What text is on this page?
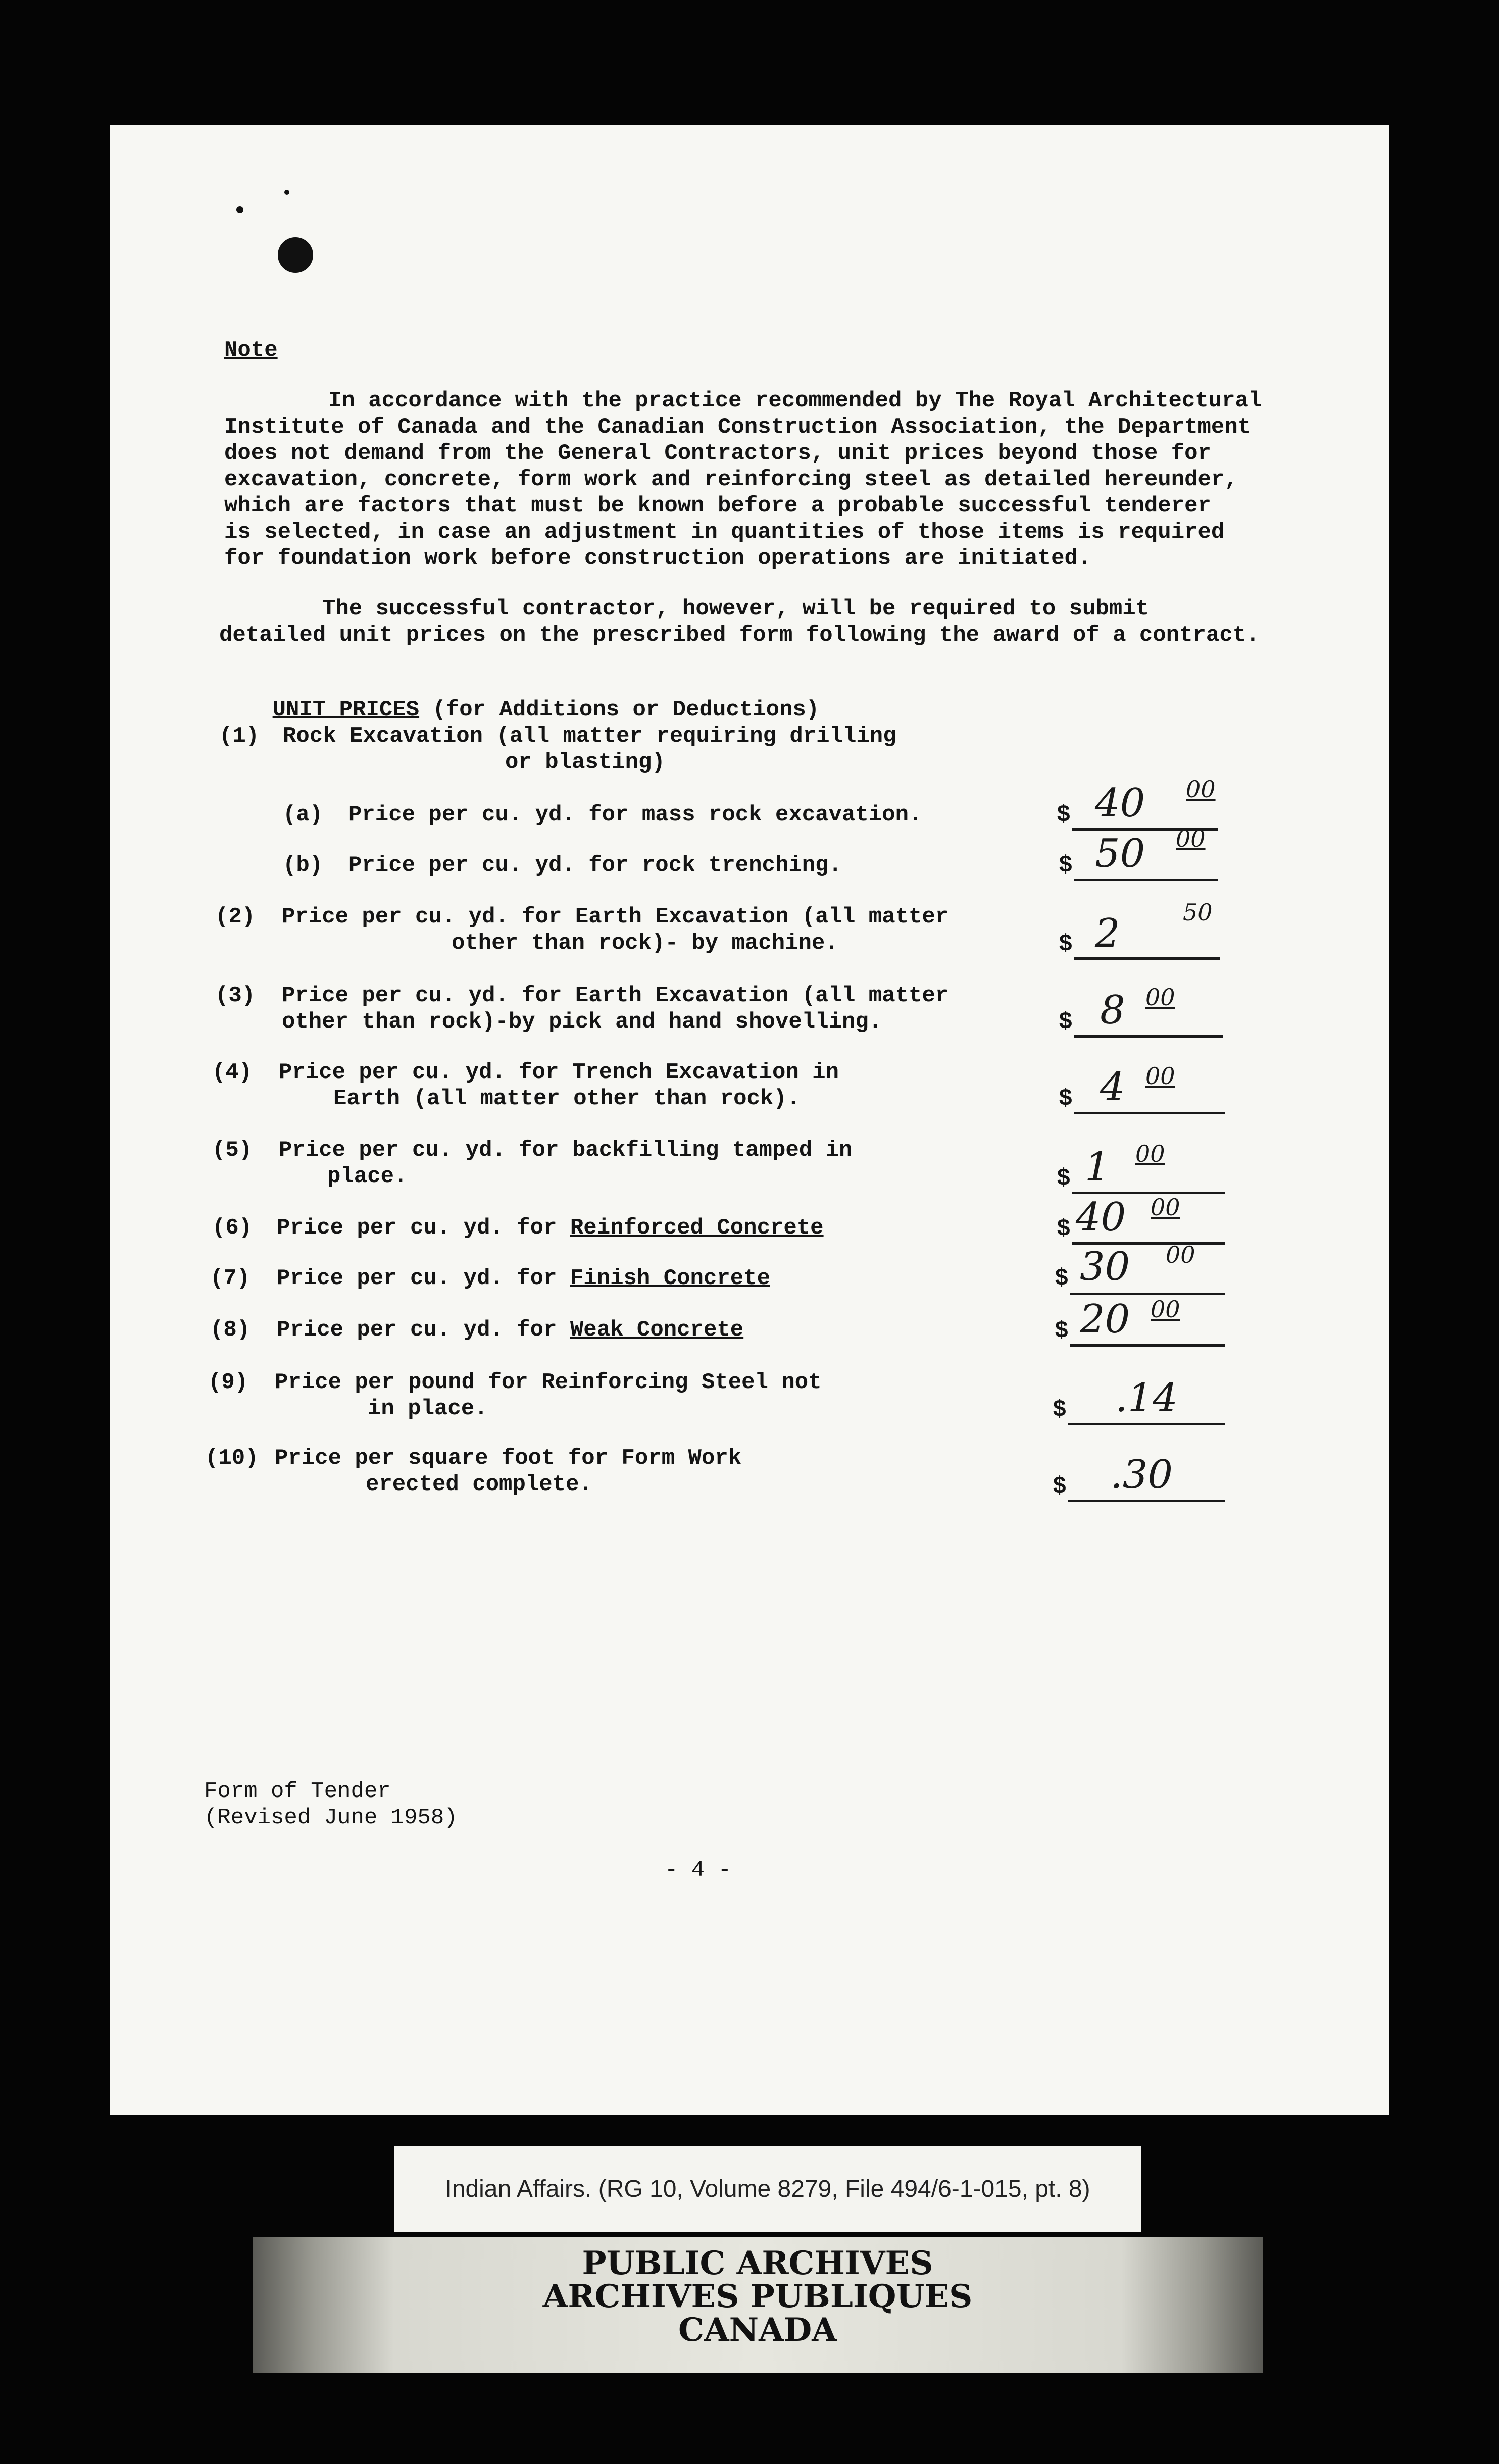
Note
In accordance with the practice recommended by The Royal Architectural
Institute of Canada and the Canadian Construction Association, the Department
does not demand from the General Contractors, unit prices beyond those for
excavation, concrete, form work and reinforcing steel as detailed hereunder,
which are factors that must be known before a probable successful tenderer
is selected, in case an adjustment in quantities of those items is required
for foundation work before construction operations are initiated.
The successful contractor, however, will be required to submit
detailed unit prices on the prescribed form following the award of a contract.

UNIT PRICES (for Additions or Deductions)

(1) Rock Excavation (all matter requiring drilling
or blasting)
(a) Price per cu. yd. for mass rock excavation.	$ 40 00
(b) Price per cu. yd. for rock trenching.	$ 50 00
(2) Price per cu. yd. for Earth Excavation (all matter
other than rock)- by machine.	$ 2	50
(3) Price per cu. yd. for Earth Excavation (all matter
other than rock)-by pick and hand shovelling.	$ 8 00
(4) Price per cu. yd. for Trench Excavation in
Earth (all matter other than rock).	$ 4 00
(5) Price per cu. yd. for backfilling tamped in
place.	$ 1 00
(6) Price per cu. yd. for Reinforced Concrete	$ 40 00
(7) Price per cu. yd. for Finish Concrete	$ 30 00
(8) Price per cu. yd. for Weak Concrete	$ 20 00
(9) Price per pound for Reinforcing Steel not
in place.	$ .14
(10) Price per square foot for Form Work
erected complete.	$ .30
Form of Tender
(Revised June 1958)
- 4 -
Indian Affairs. (RG 10, Volume 8279, File 494/6-1-015, pt. 8)
PUBLIC ARCHIVES
ARCHIVES PUBLIQUES
CANADA
